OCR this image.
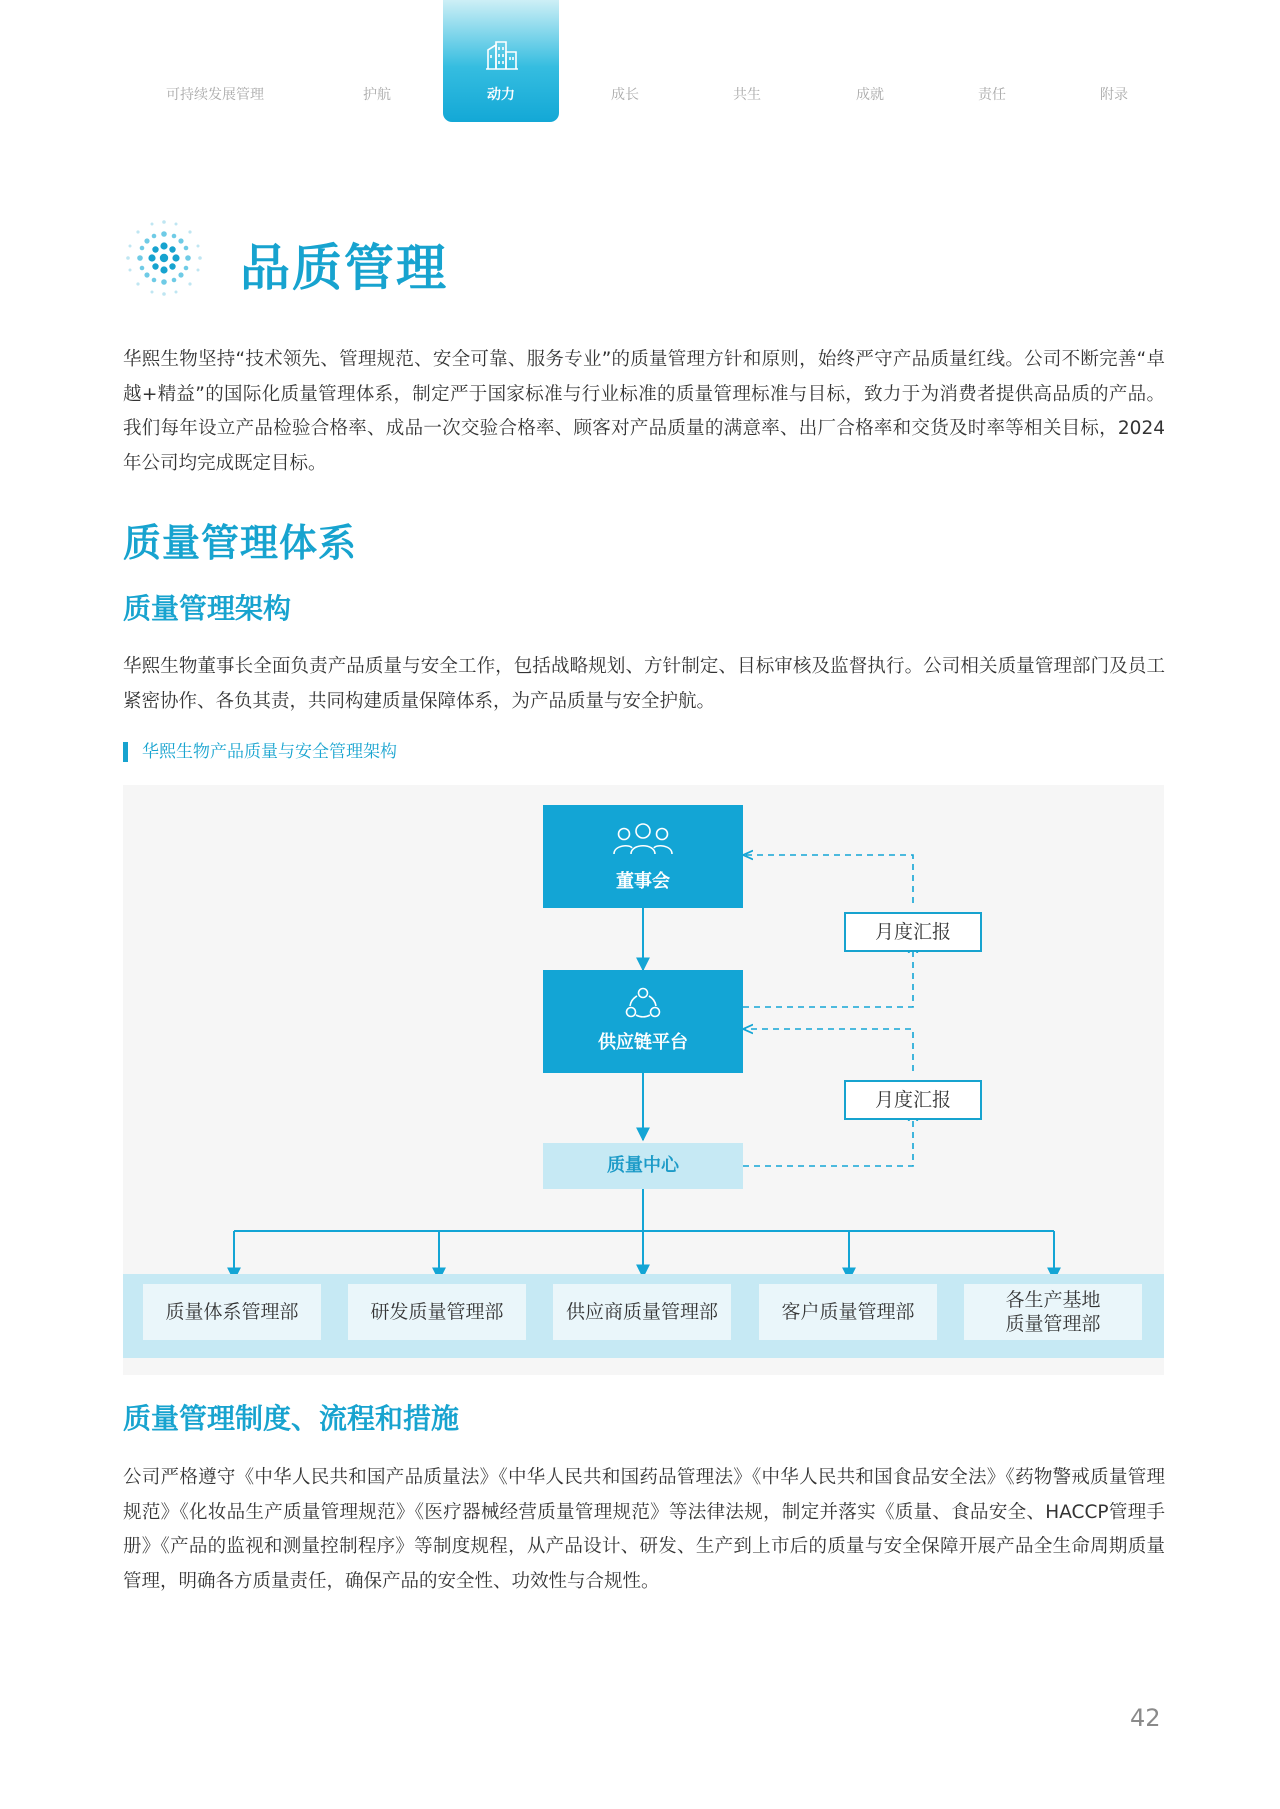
可持续发展管理	护航	动力	成长	共生	成就	责任	附录
品质管理

华熙生物坚持“技术领先、管理规范、安全可靠、服务专业”的质量管理方针和原则，始终严守产品质量红线。公司不断完善“卓越+精益”的国际化质量管理体系，制定严于国家标准与行业标准的质量管理标准与目标，致力于为消费者提供高品质的产品。我们每年设立产品检验合格率、成品一次交验合格率、顾客对产品质量的满意率、出厂合格率和交货及时率等相关目标，2024年公司均完成既定目标。

质量管理体系
质量管理架构

华熙生物董事长全面负责产品质量与安全工作，包括战略规划、方针制定、目标审核及监督执行。公司相关质量管理部门及员工紧密协作、各负其责，共同构建质量保障体系，为产品质量与安全护航。

华熙生物产品质量与安全管理架构
董事会
供应链平台
质量中心
月度汇报
月度汇报
质量体系管理部	研发质量管理部	供应商质量管理部	客户质量管理部
各生产基地
质量管理部
质量管理制度、流程和措施

公司严格遵守《中华人民共和国产品质量法》《中华人民共和国药品管理法》《中华人民共和国食品安全法》《药物警戒质量管理规范》《化妆品生产质量管理规范》《医疗器械经营质量管理规范》等法律法规，制定并落实《质量、食品安全、HACCP管理手册》《产品的监视和测量控制程序》等制度规程，从产品设计、研发、生产到上市后的质量与安全保障开展产品全生命周期质量管理，明确各方质量责任，确保产品的安全性、功效性与合规性。

42
